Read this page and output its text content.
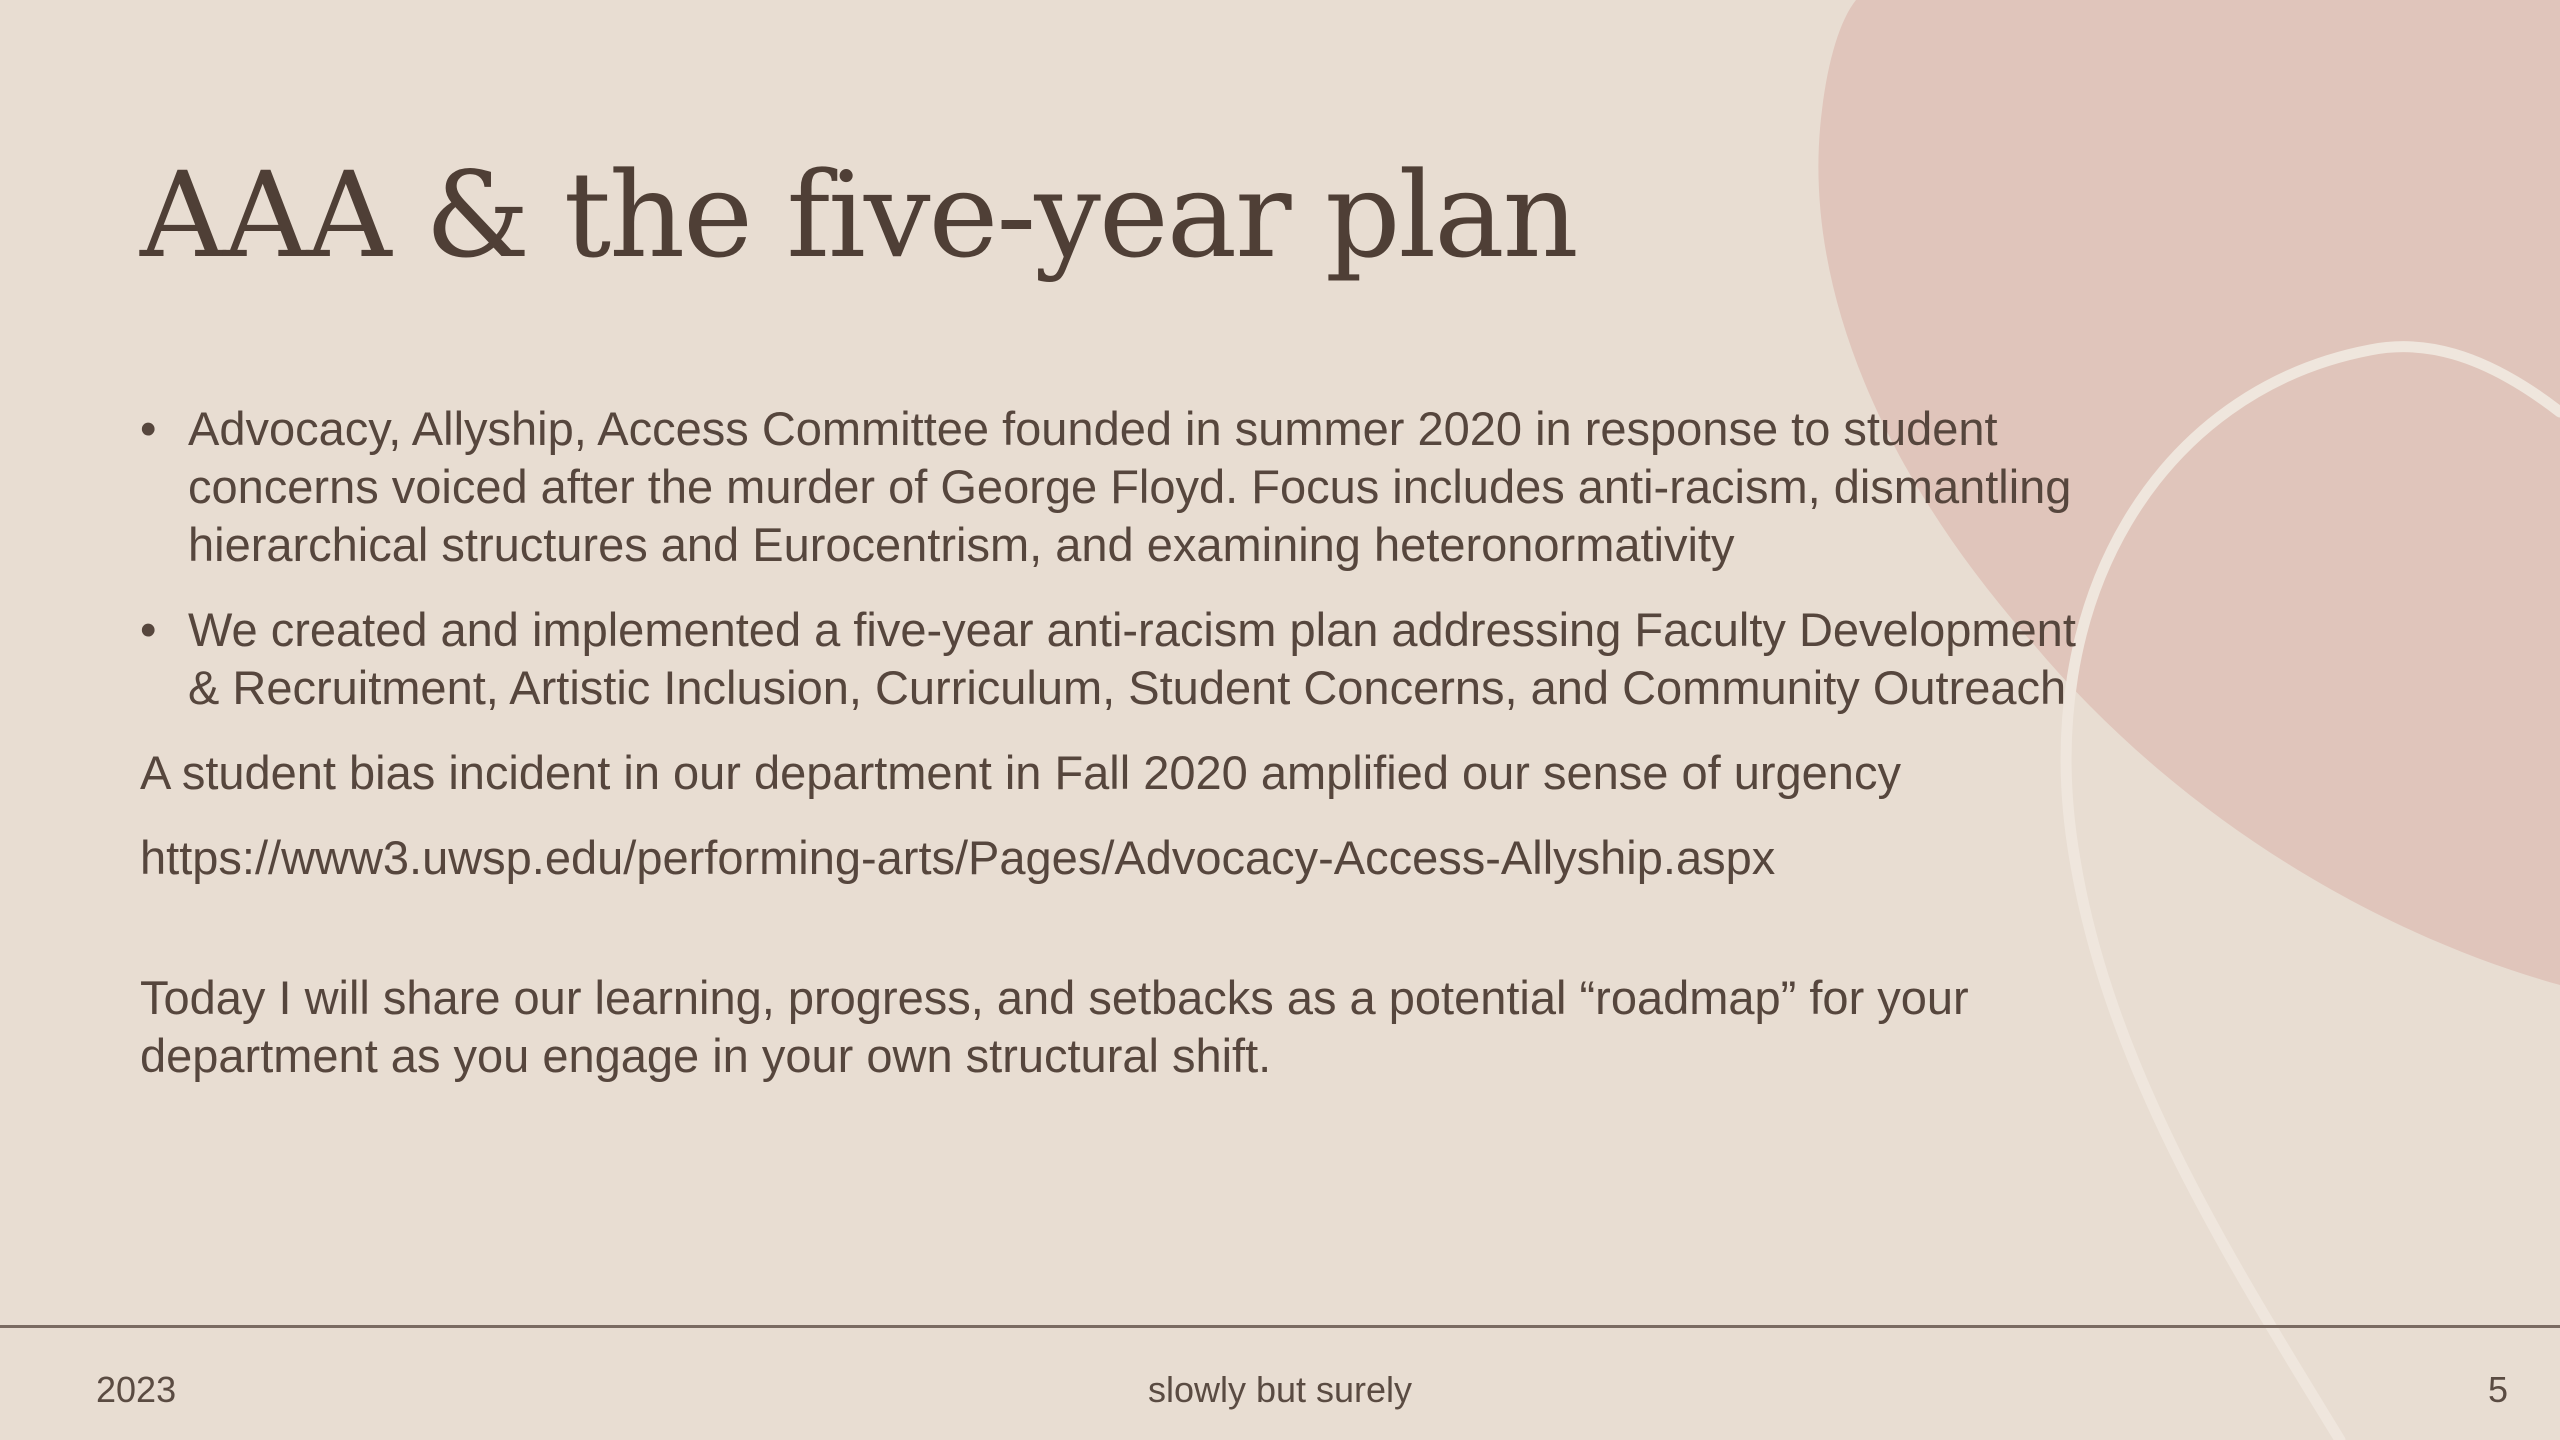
AAA & the five-year plan
• Advocacy, Allyship, Access Committee founded in summer 2020 in response to student concerns voiced after the murder of George Floyd. Focus includes anti-racism, dismantling hierarchical structures and Eurocentrism, and examining heteronormativity
• We created and implemented a five-year anti-racism plan addressing Faculty Development & Recruitment, Artistic Inclusion, Curriculum, Student Concerns, and Community Outreach

A student bias incident in our department in Fall 2020 amplified our sense of urgency

https://www3.uwsp.edu/performing-arts/Pages/Advocacy-Access-Allyship.aspx

Today I will share our learning, progress, and setbacks as a potential “roadmap” for your department as you engage in your own structural shift.

2023	slowly but surely	5
